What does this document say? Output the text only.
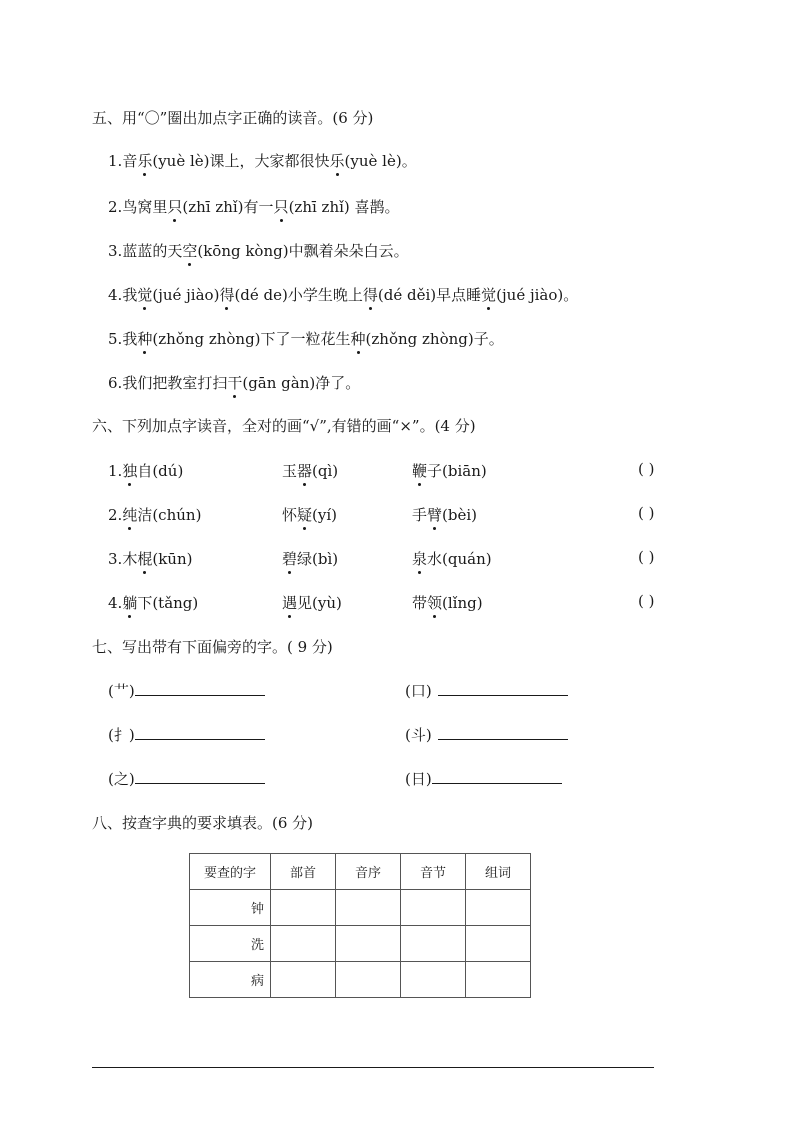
五、用“〇”圈出加点字正确的读音。(6 分)
1.音乐(yuè lè)课上，大家都很快乐(yuè lè)。
2.鸟窝里只(zhī zhǐ)有一只(zhī zhǐ) 喜鹊。
3.蓝蓝的天空(kōng kòng)中飘着朵朵白云。
4.我觉(jué jiào)得(dé de)小学生晚上得(dé děi)早点睡觉(jué jiào)。
5.我种(zhǒng zhòng)下了一粒花生种(zhǒng zhòng)子。
6.我们把教室打扫干(gān gàn)净了。
六、下列加点字读音，全对的画“√”,有错的画“×”。(4 分)
1.独自(dú)	玉器(qì)	鞭子(biān)	( )
2.纯洁(chún)	怀疑(yí)	手臂(bèi)	( )
3.木棍(kūn)	碧绿(bì)	泉水(quán)	( )
4.躺下(tǎng)	遇见(yù)	带领(lǐng)	( )
七、写出带有下面偏旁的字。( 9 分)
(艹)	(口)
(扌)	(斗)
(之)	(日)
八、按查字典的要求填表。(6 分)
要查的字	部首	音序	音节	组词
钟				
洗				
病				
